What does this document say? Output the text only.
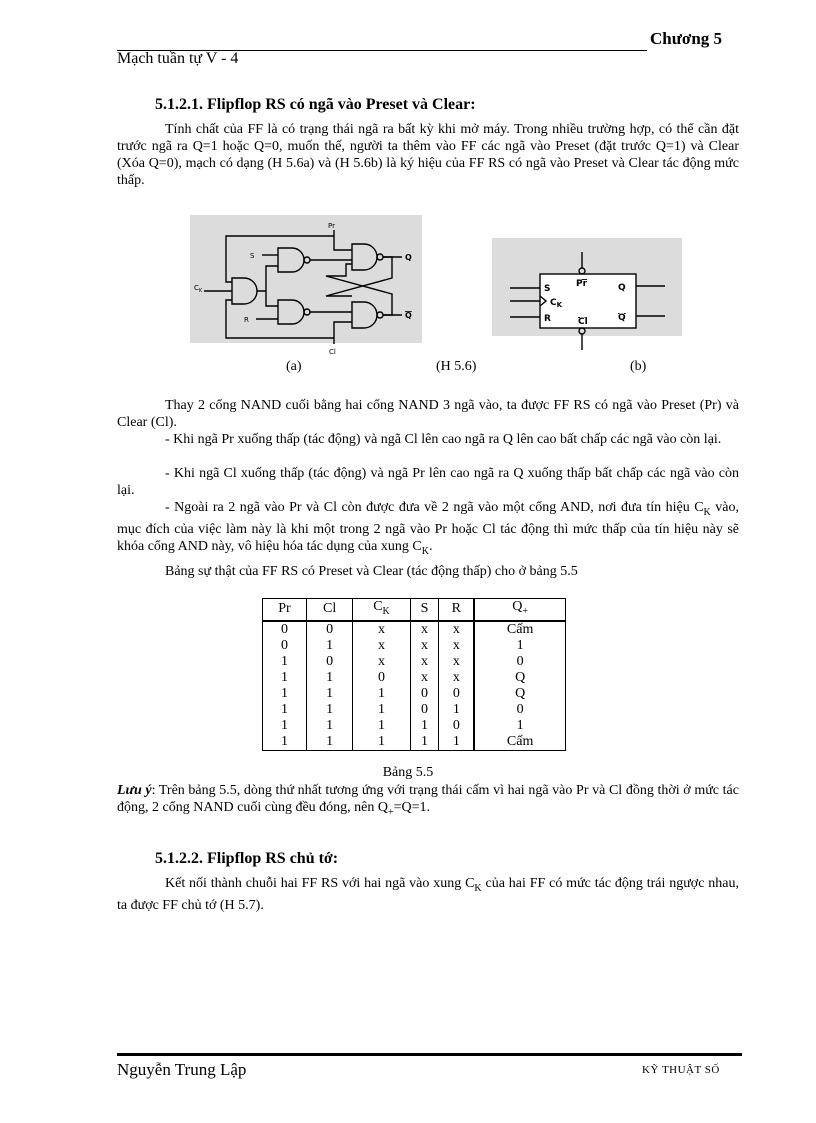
Chương 5
Mạch tuần tự V - 4
5.1.2.1. Flipflop RS có ngã vào Preset và Clear:

Tính chất của FF là có trạng thái ngã ra bất kỳ khi mở máy. Trong nhiều trường hợp, có thể cần đặt trước ngã ra Q=1 hoặc Q=0, muốn thế, người ta thêm vào FF các ngã vào Preset (đặt trước Q=1) và Clear (Xóa Q=0), mạch có dạng (H 5.6a) và (H 5.6b) là ký hiệu của FF RS có ngã vào Preset và Clear tác động mức thấp.

Pr
S
$C_K$
R
Cl
Q
Q
S
$C_K$
R
Pr
Cl
Q
Q
(a)	(H 5.6)	(b)

Thay 2 cổng NAND cuối bằng hai cổng NAND 3 ngã vào, ta được FF RS có ngã vào Preset (Pr) và Clear (Cl).

- Khi ngã Pr xuống thấp (tác động) và ngã Cl lên cao ngã ra Q lên cao bất chấp các ngã vào còn lại.

- Khi ngã Cl xuống thấp (tác động) và ngã Pr lên cao ngã ra Q xuống thấp bất chấp các ngã vào còn lại.

- Ngoài ra 2 ngã vào Pr và Cl còn được đưa về 2 ngã vào một cổng AND, nơi đưa tín hiệu $C_K$ vào, mục đích của việc làm này là khi một trong 2 ngã vào Pr hoặc Cl tác động thì mức thấp của tín hiệu này sẽ khóa cổng AND này, vô hiệu hóa tác dụng của xung $C_K$.

Bảng sự thật của FF RS có Preset và Clear (tác động thấp) cho ở bảng 5.5

Pr	Cl	$C_K$	S	R	$Q_+$
0	0	x	x	x	Cấm
0	1	x	x	x	1
1	0	x	x	x	0
1	1	0	x	x	Q
1	1	1	0	0	Q
1	1	1	0	1	0
1	1	1	1	0	1
1	1	1	1	1	Cấm
Bảng 5.5

Lưu ý: Trên bảng 5.5, dòng thứ nhất tương ứng với trạng thái cấm vì hai ngã vào Pr và Cl đồng thời ở mức tác động, 2 cổng NAND cuối cùng đều đóng, nên $Q_+=Q=1$.

5.1.2.2. Flipflop RS chủ tớ:

Kết nối thành chuỗi hai FF RS với hai ngã vào xung $C_K$ của hai FF có mức tác động trái ngược nhau, ta được FF chủ tớ (H 5.7).

Nguyễn Trung Lập	KỸ THUẬT SỐ
